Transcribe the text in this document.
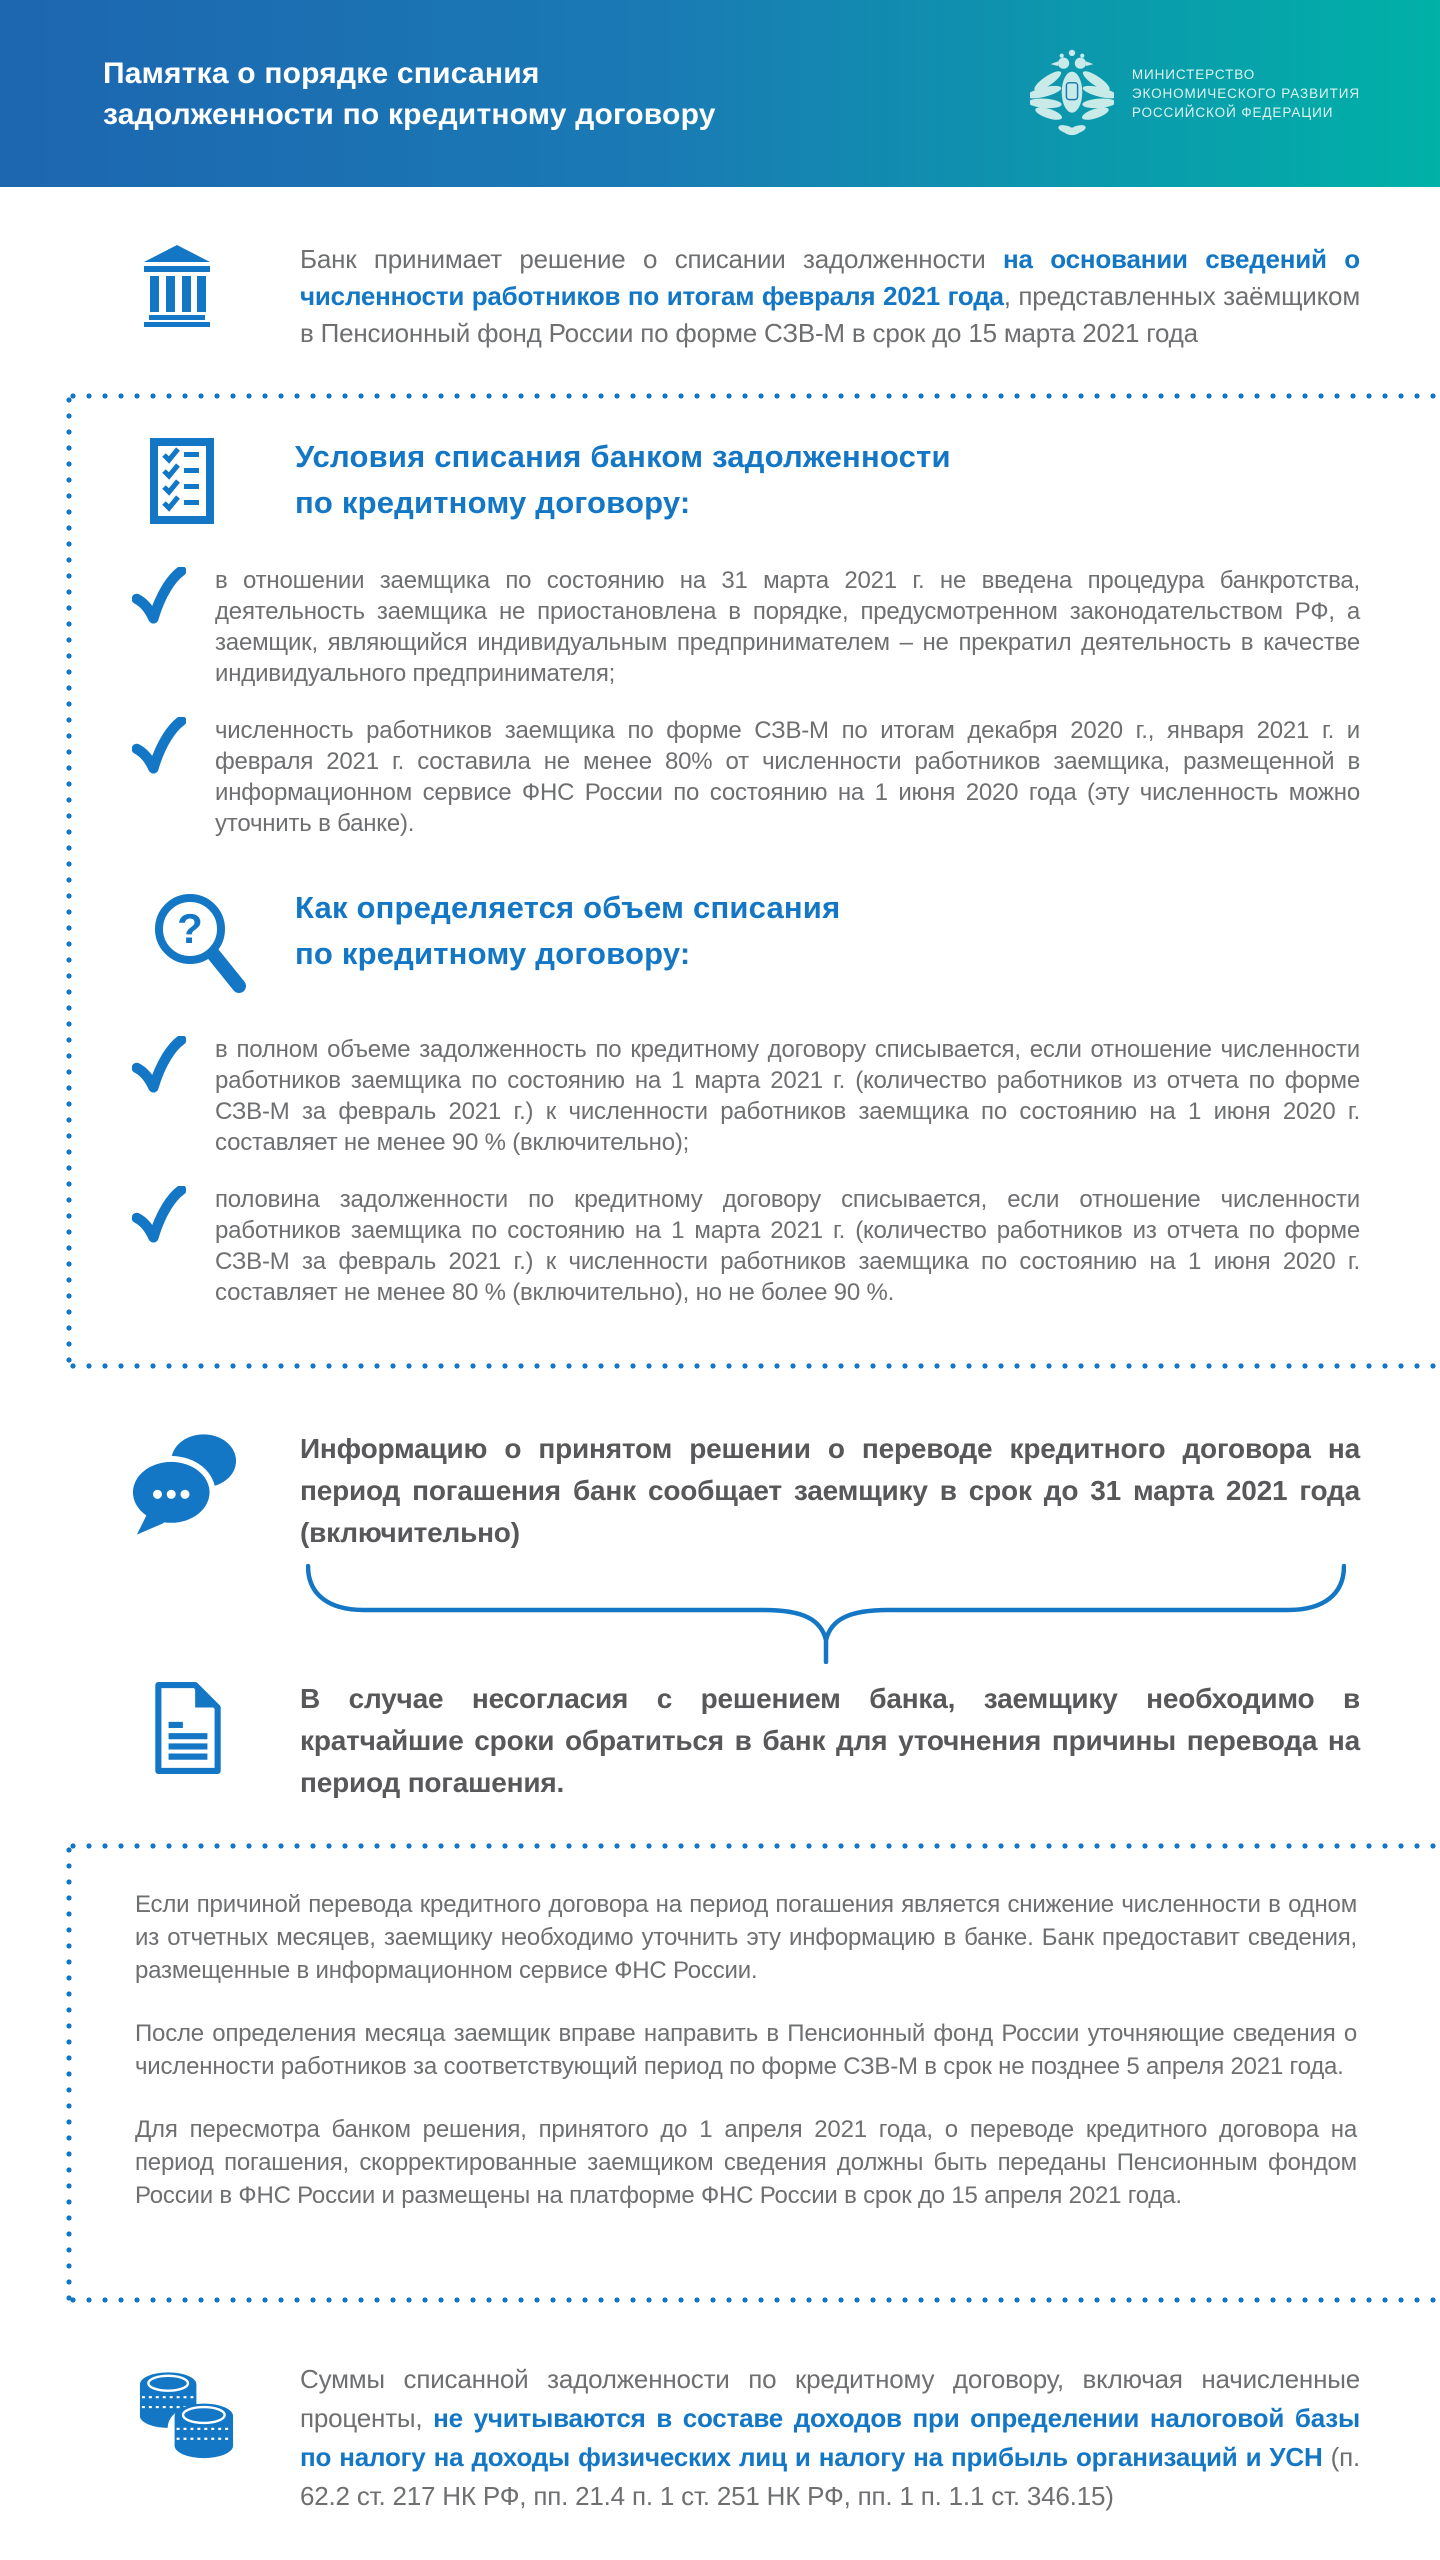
Памятка о порядке списания
задолженности по кредитному договору
МИНИСТЕРСТВО
ЭКОНОМИЧЕСКОГО РАЗВИТИЯ
РОССИЙСКОЙ ФЕДЕРАЦИИ

Банк принимает решение о списании задолженности на основании сведений о численности работников по итогам февраля 2021 года, представленных заёмщиком в Пенсионный фонд России по форме СЗВ-М в срок до 15 марта 2021 года

Условия списания банком задолженности
по кредитному договору:

в отношении заемщика по состоянию на 31 марта 2021 г. не введена процедура банкротства, деятельность заемщика не приостановлена в порядке, предусмотренном законодательством РФ, а заемщик, являющийся индивидуальным предпринимателем – не прекратил деятельность в качестве индивидуального предпринимателя;

численность работников заемщика по форме СЗВ-М по итогам декабря 2020 г., января 2021 г. и февраля 2021 г. составила не менее 80% от численности работников заемщика, размещенной в информационном сервисе ФНС России по состоянию на 1 июня 2020 года (эту численность можно уточнить в банке).

?	Как определяется объем списания
по кредитному договору:

в полном объеме задолженность по кредитному договору списывается, если отношение численности работников заемщика по состоянию на 1 марта 2021 г. (количество работников из отчета по форме СЗВ-М за февраль 2021 г.) к численности работников заемщика по состоянию на 1 июня 2020 г. составляет не менее 90 % (включительно);

половина задолженности по кредитному договору списывается, если отношение численности работников заемщика по состоянию на 1 марта 2021 г. (количество работников из отчета по форме СЗВ-М за февраль 2021 г.) к численности работников заемщика по состоянию на 1 июня 2020 г. составляет не менее 80 % (включительно), но не более 90 %.

Информацию о принятом решении о переводе кредитного договора на период погашения банк сообщает заемщику в срок до 31 марта 2021 года (включительно)

В случае несогласия с решением банка, заемщику необходимо в кратчайшие сроки обратиться в банк для уточнения причины перевода на период погашения.

Если причиной перевода кредитного договора на период погашения является снижение численности в одном из отчетных месяцев, заемщику необходимо уточнить эту информацию в банке. Банк предоставит сведения, размещенные в информационном сервисе ФНС России.

После определения месяца заемщик вправе направить в Пенсионный фонд России уточняющие сведения о численности работников за соответствующий период по форме СЗВ-М в срок не позднее 5 апреля 2021 года.

Для пересмотра банком решения, принятого до 1 апреля 2021 года, о переводе кредитного договора на период погашения, скорректированные заемщиком сведения должны быть переданы Пенсионным фондом России в ФНС России и размещены на платформе ФНС России в срок до 15 апреля 2021 года.

Суммы списанной задолженности по кредитному договору, включая начисленные проценты, не учитываются в составе доходов при определении налоговой базы по налогу на доходы физических лиц и налогу на прибыль организаций и УСН (п. 62.2 ст. 217 НК РФ, пп. 21.4 п. 1 ст. 251 НК РФ, пп. 1 п. 1.1 ст. 346.15)
